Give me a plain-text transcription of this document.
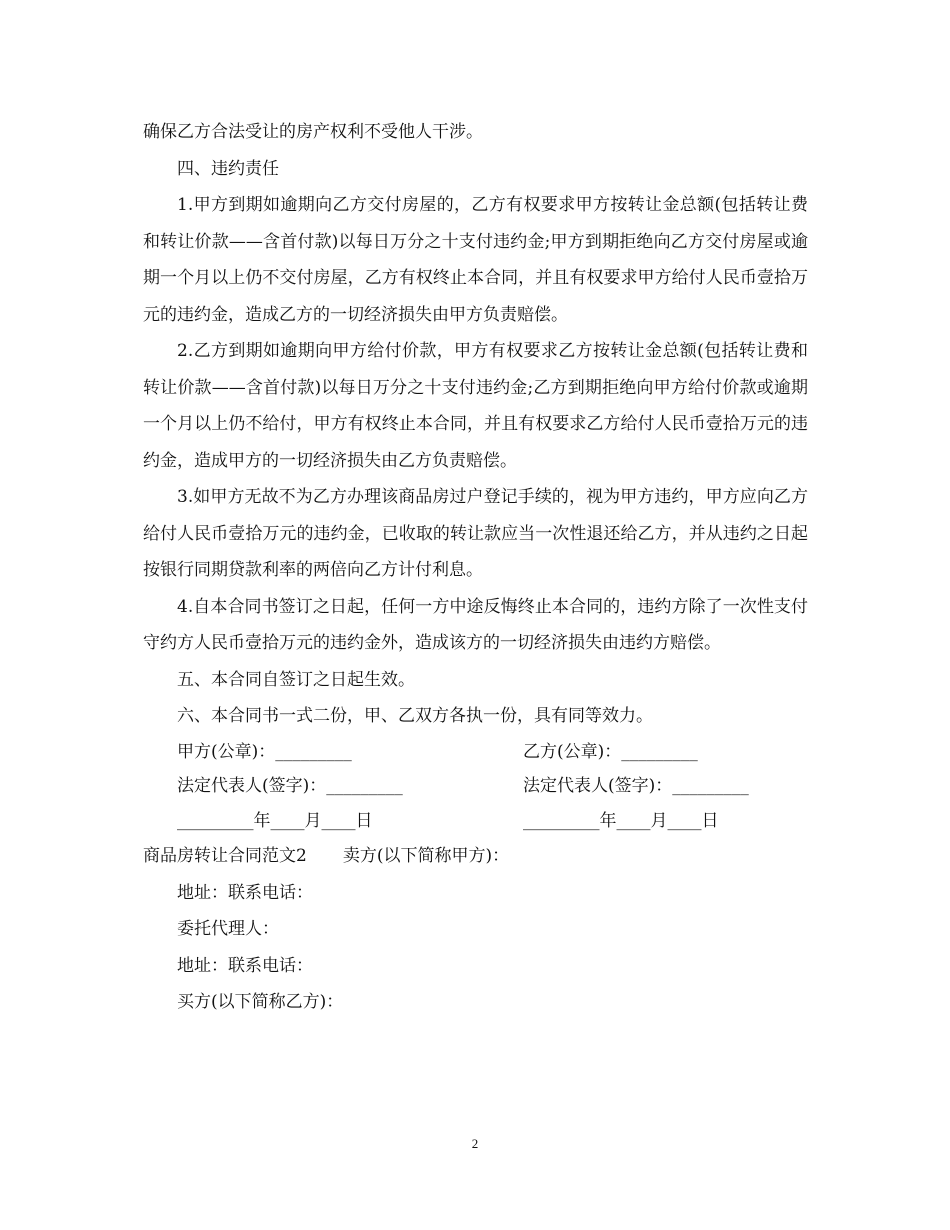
确保乙方合法受让的房产权利不受他人干涉。

四、违约责任

1.甲方到期如逾期向乙方交付房屋的，乙方有权要求甲方按转让金总额(包括转让费和转让价款——含首付款)以每日万分之十支付违约金;甲方到期拒绝向乙方交付房屋或逾期一个月以上仍不交付房屋，乙方有权终止本合同，并且有权要求甲方给付人民币壹拾万元的违约金，造成乙方的一切经济损失由甲方负责赔偿。

2.乙方到期如逾期向甲方给付价款，甲方有权要求乙方按转让金总额(包括转让费和转让价款——含首付款)以每日万分之十支付违约金;乙方到期拒绝向甲方给付价款或逾期一个月以上仍不给付，甲方有权终止本合同，并且有权要求乙方给付人民币壹拾万元的违约金，造成甲方的一切经济损失由乙方负责赔偿。

3.如甲方无故不为乙方办理该商品房过户登记手续的，视为甲方违约，甲方应向乙方给付人民币壹拾万元的违约金，已收取的转让款应当一次性退还给乙方，并从违约之日起按银行同期贷款利率的两倍向乙方计付利息。

4.自本合同书签订之日起，任何一方中途反悔终止本合同的，违约方除了一次性支付守约方人民币壹拾万元的违约金外，造成该方的一切经济损失由违约方赔偿。

五、本合同自签订之日起生效。

六、本合同书一式二份，甲、乙双方各执一份，具有同等效力。

甲方(公章)：_________	乙方(公章)：_________
法定代表人(签字)：_________	法定代表人(签字)：_________
_________年____月____日	_________年____月____日
商品房转让合同范文2 卖方(以下简称甲方)：

地址：联系电话：

委托代理人：

地址：联系电话：

买方(以下简称乙方)：

2
